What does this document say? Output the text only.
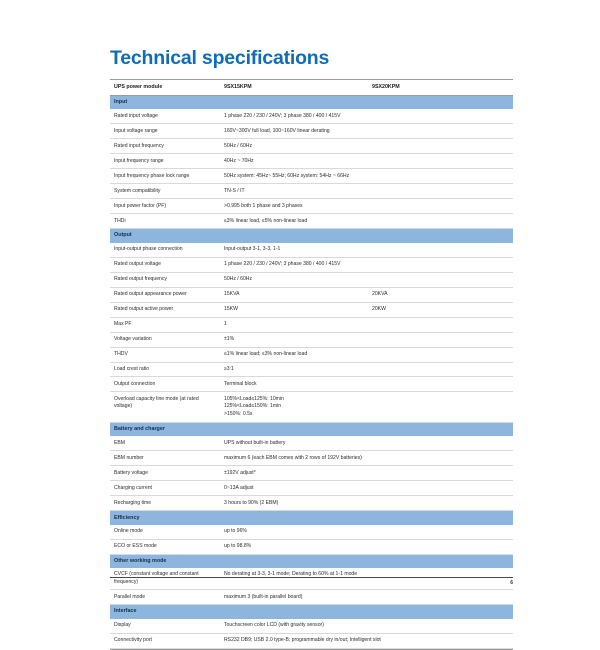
Technical specifications
UPS power module	9SX15KPM	9SX20KPM
Input		
Rated input voltage	1 phase 220 / 230 / 240V; 3 phase 380 / 400 / 415V	
Input voltage range	160V~300V full load, 100~160V linear derating	
Rated input frequency	50Hz / 60Hz	
Input frequency range	40Hz ~ 70Hz	
Input frequency phase lock range	50Hz system: 45Hz~ 55Hz; 60Hz system: 54Hz ~ 66Hz	
System compatibility	TN-S / IT	
Input power factor (PF)	>0.995 both 1 phase and 3 phases	
THDi	≤3% linear load, ≤5% non-linear load	
Output		
Input-output phase connection	Input-output 3-1, 3-3, 1-1	
Rated output voltage	1 phase 220 / 230 / 240V; 3 phase 380 / 400 / 415V	
Rated output frequency	50Hz / 60Hz	
Rated output appearance power	15KVA	20KVA
Rated output active power	15KW	20KW
Max PF	1	
Voltage variation	±1%	
THDV	≤1% linear load; ≤3% non-linear load	
Load crest ratio	≥3:1	
Output connection	Terminal block	
Overload capacity line mode (at rated voltage)	105%<Load≤125%: 10min
125%<Load≤150%: 1min
>150%: 0.5s	

Battery and charger		
EBM	UPS without built-in battery	
EBM number	maximum 6 (each EBM comes with 2 rows of 192V batteries)	
Battery voltage	±192V adjust*	
Charging current	0~13A adjust	
Recharging time	3 hours to 90% (2 EBM)	
Efficiency		
Online mode	up to 96%	
ECO or ESS mode	up to 98.8%	
Other working mode		
CVCF (constant voltage and constant frequency)	No derating at 3-3, 3-1 mode; Derating to 60% at 1-1 mode	
Parallel mode	maximum 3 (built-in parallel board)	
Interface		
Display	Touchscreen color LCD (with gravity sensor)	
Connectivity port	RS232 DB9; USB 2.0 type-B; programmable dry in/out; Intelligent slot	
6
